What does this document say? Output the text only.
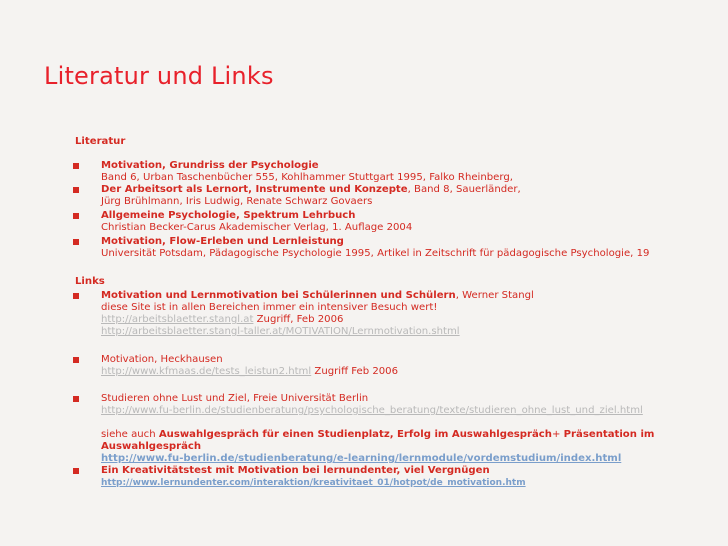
Literatur und Links
Literatur
Motivation, Grundriss der Psychologie
Band 6, Urban Taschenbücher 555, Kohlhammer Stuttgart 1995, Falko Rheinberg,
Der Arbeitsort als Lernort, Instrumente und Konzepte, Band 8, Sauerländer,
Jürg Brühlmann, Iris Ludwig, Renate Schwarz Govaers
Allgemeine Psychologie, Spektrum Lehrbuch
Christian Becker-Carus Akademischer Verlag, 1. Auflage 2004
Motivation, Flow-Erleben und Lernleistung
Universität Potsdam, Pädagogische Psychologie 1995, Artikel in Zeitschrift für pädagogische Psychologie, 19
Links
Motivation und Lernmotivation bei Schülerinnen und Schülern, Werner Stangl
diese Site ist in allen Bereichen immer ein intensiver Besuch wert!
http://arbeitsblaetter.stangl.at Zugriff, Feb 2006
http://arbeitsblaetter.stangl-taller.at/MOTIVATION/Lernmotivation.shtml
Motivation, Heckhausen
http://www.kfmaas.de/tests_leistun2.html Zugriff Feb 2006
Studieren ohne Lust und Ziel, Freie Universität Berlin
http://www.fu-berlin.de/studienberatung/psychologische_beratung/texte/studieren_ohne_lust_und_ziel.html

siehe auch Auswahlgespräch für einen Studienplatz, Erfolg im Auswahlgespräch+ Präsentation im
Auswahlgespräch
http://www.fu-berlin.de/studienberatung/e-learning/lernmodule/vordemstudium/index.html
Ein Kreativitätstest mit Motivation bei lernundenter, viel Vergnügen
http://www.lernundenter.com/interaktion/kreativitaet_01/hotpot/de_motivation.htm
